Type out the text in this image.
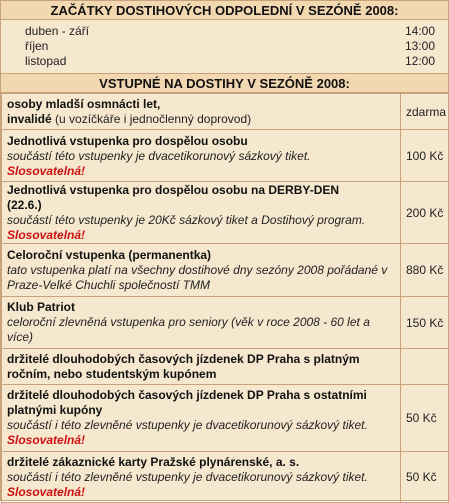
ZAČÁTKY DOSTIHOVÝCH ODPOLEDNÍ V SEZÓNĚ 2008:
duben - září	14:00
říjen	13:00
listopad	12:00
VSTUPNÉ NA DOSTIHY V SEZÓNĚ 2008:
osoby mladší osmnácti let,
invalidé (u vozíčkáře i jednočlenný doprovod)	zdarma

Jednotlivá vstupenka pro dospělou osobu
součástí této vstupenky je dvacetikorunový sázkový tiket.
Slosovatelná!	100 Kč

Jednotlivá vstupenka pro dospělou osobu na DERBY-DEN
(22.6.)
součástí této vstupenky je 20Kč sázkový tiket a Dostihový program. Slosovatelná!	200 Kč

Celoroční vstupenka (permanentka)
tato vstupenka platí na všechny dostihové dny sezóny 2008 pořádané v Praze-Velké Chuchli společností TMM	880 Kč

Klub Patriot
celoroční zlevněná vstupenka pro seniory (věk v roce 2008 - 60 let a více)	150 Kč

držitelé dlouhodobých časových jízdenek DP Praha s platným ročním, nebo studentským kupónem	

držitelé dlouhodobých časových jízdenek DP Praha s ostatními platnými kupóny
součástí i této zlevněné vstupenky je dvacetikorunový sázkový tiket. Slosovatelná!	50 Kč

držitelé zákaznické karty Pražské plynárenské, a. s.
součástí i této zlevněné vstupenky je dvacetikorunový sázkový tiket. Slosovatelná!	50 Kč
